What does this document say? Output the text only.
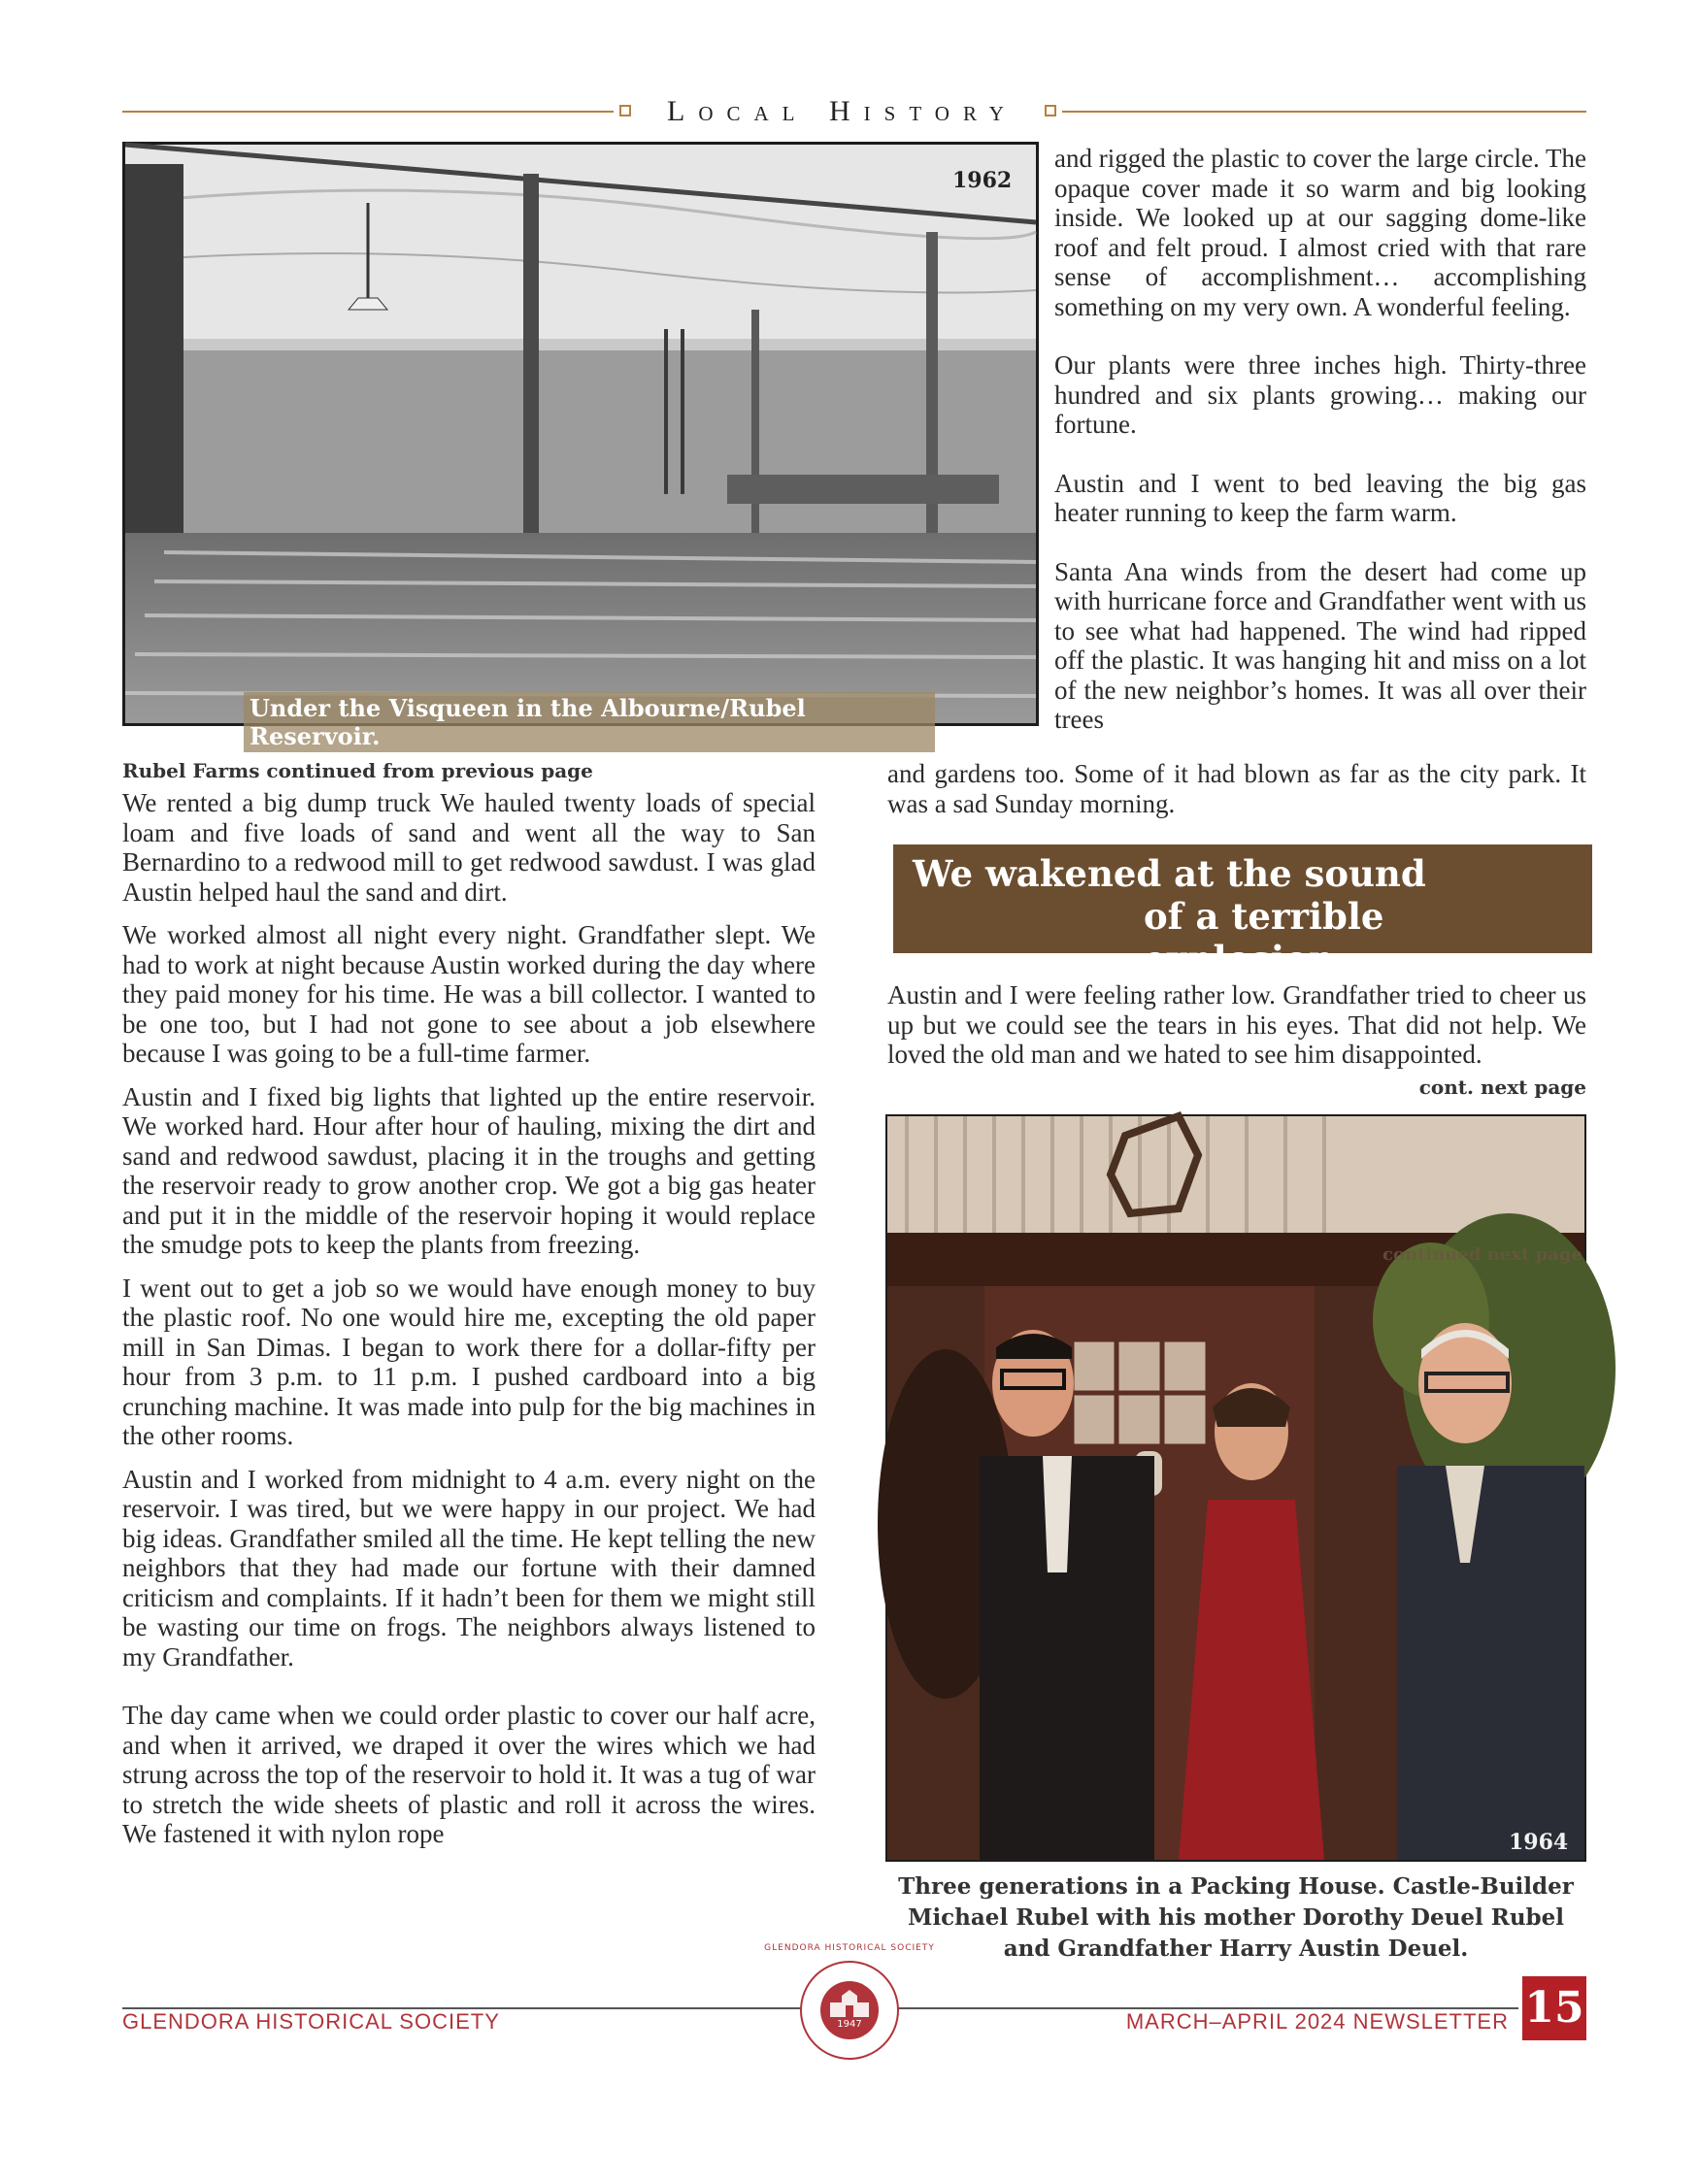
Local History
1962
Under the Visqueen in the Albourne/Rubel Reservoir.
Rubel Farms continued from previous page

We rented a big dump truck We hauled twenty loads of special loam and five loads of sand and went all the way to San Bernardino to a redwood mill to get redwood sawdust. I was glad Austin helped haul the sand and dirt.

We worked almost all night every night. Grandfather slept. We had to work at night because Austin worked during the day where they paid money for his time. He was a bill collector. I wanted to be one too, but I had not gone to see about a job elsewhere because I was going to be a full-time farmer.

Austin and I fixed big lights that lighted up the entire reservoir. We worked hard. Hour after hour of hauling, mixing the dirt and sand and redwood sawdust, placing it in the troughs and getting the reservoir ready to grow another crop. We got a big gas heater and put it in the middle of the reservoir hoping it would replace the smudge pots to keep the plants from freezing.

I went out to get a job so we would have enough money to buy the plastic roof. No one would hire me, excepting the old paper mill in San Dimas. I began to work there for a dollar-fifty per hour from 3 p.m. to 11 p.m. I pushed cardboard into a big crunching machine. It was made into pulp for the big machines in the other rooms.

Austin and I worked from midnight to 4 a.m. every night on the reservoir. I was tired, but we were happy in our project. We had big ideas. Grandfather smiled all the time. He kept telling the new neighbors that they had made our fortune with their damned criticism and complaints. If it hadn’t been for them we might still be wasting our time on frogs. The neighbors always listened to my Grandfather.

The day came when we could order plastic to cover our half acre, and when it arrived, we draped it over the wires which we had strung across the top of the reservoir to hold it. It was a tug of war to stretch the wide sheets of plastic and roll it across the wires. We fastened it with nylon rope

and rigged the plastic to cover the large circle. The opaque cover made it so warm and big looking inside. We looked up at our sagging dome-like roof and felt proud. I almost cried with that rare sense of accomplishment… accomplishing something on my very own. A wonderful feeling.

Our plants were three inches high. Thirty-three hundred and six plants growing… making our fortune.

Austin and I went to bed leaving the big gas heater running to keep the farm warm.

Santa Ana winds from the desert had come up with hurricane force and Grandfather went with us to see what had happened. The wind had ripped off the plastic. It was hanging hit and miss on a lot of the new neighbor’s homes. It was all over their trees

and gardens too. Some of it had blown as far as the city park. It was a sad Sunday morning.

We wakened at the sound
of a terrible explosion.

Austin and I were feeling rather low. Grandfather tried to cheer us up but we could see the tears in his eyes. That did not help. We loved the old man and we hated to see him disappointed.

cont. next page
continued next page
1964
Three generations in a Packing House. Castle-Builder Michael Rubel with his mother Dorothy Deuel Rubel and Grandfather Harry Austin Deuel.
GLENDORA HISTORICAL SOCIETY	MARCH–APRIL 2024 NEWSLETTER 15
1947
GLENDORA HISTORICAL SOCIETY
